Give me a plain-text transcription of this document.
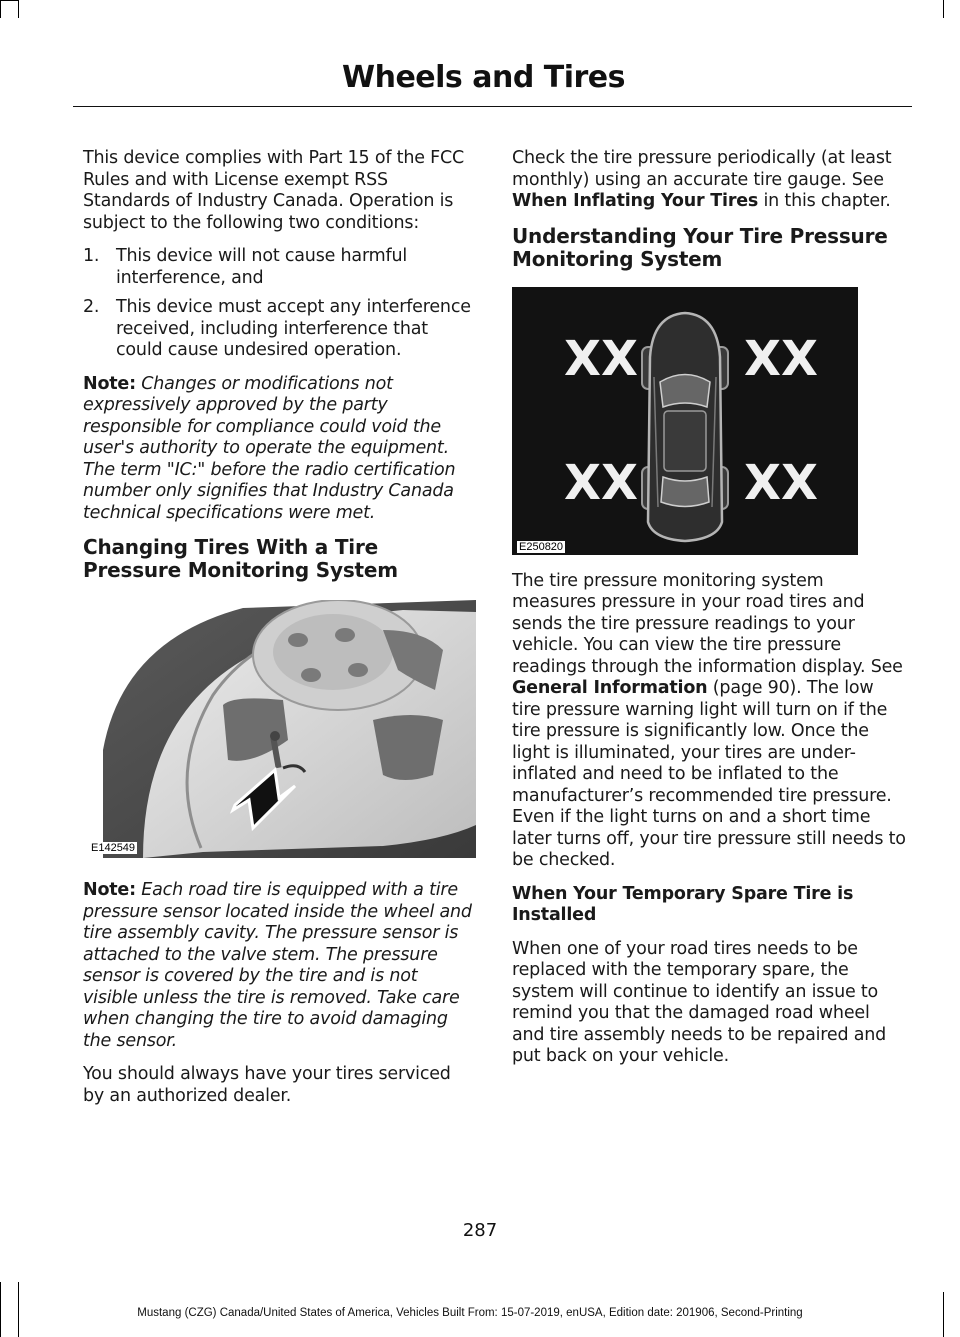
Wheels and Tires

This device complies with Part 15 of the FCC Rules and with License exempt RSS Standards of Industry Canada. Operation is subject to the following two conditions:

1. This device will not cause harmful interference, and
2. This device must accept any interference received, including interference that could cause undesired operation.

Note: Changes or modifications not expressively approved by the party responsible for compliance could void the user's authority to operate the equipment. The term "IC:" before the radio certification number only signifies that Industry Canada technical specifications were met.

Changing Tires With a Tire Pressure Monitoring System
E142549

Note: Each road tire is equipped with a tire pressure sensor located inside the wheel and tire assembly cavity. The pressure sensor is attached to the valve stem. The pressure sensor is covered by the tire and is not visible unless the tire is removed. Take care when changing the tire to avoid damaging the sensor.

You should always have your tires serviced by an authorized dealer.

Check the tire pressure periodically (at least monthly) using an accurate tire gauge. See When Inflating Your Tires in this chapter.

Understanding Your Tire Pressure Monitoring System
XX XX
XX XX
E250820

The tire pressure monitoring system measures pressure in your road tires and sends the tire pressure readings to your vehicle. You can view the tire pressure readings through the information display. See General Information (page 90). The low tire pressure warning light will turn on if the tire pressure is significantly low. Once the light is illuminated, your tires are under-inflated and need to be inflated to the manufacturer’s recommended tire pressure. Even if the light turns on and a short time later turns off, your tire pressure still needs to be checked.

When Your Temporary Spare Tire is Installed

When one of your road tires needs to be replaced with the temporary spare, the system will continue to identify an issue to remind you that the damaged road wheel and tire assembly needs to be repaired and put back on your vehicle.

287
Mustang (CZG) Canada/United States of America, Vehicles Built From: 15-07-2019, enUSA, Edition date: 201906, Second-Printing
